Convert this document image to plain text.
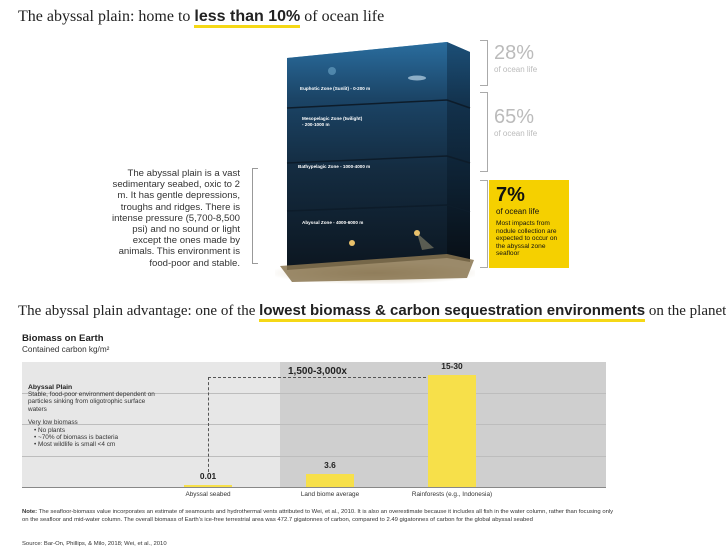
The abyssal plain: home to less than 10% of ocean life
The abyssal plain is a vast sedimentary seabed, oxic to 2 m. It has gentle depressions, troughs and ridges. There is intense pressure (5,700-8,500 psi) and no sound or light except the ones made by animals. This environment is food-poor and stable.
Euphotic Zone (Sunlit) - 0-200 m
Mesopelagic Zone (twilight)
- 200-1000 m
Bathypelagic Zone - 1000-4000 m
Abyssal Zone - 4000-6000 m
28%
of ocean life
65%
of ocean life
7%
of ocean life
Most impacts from nodule collection are expected to occur on the abyssal zone seafloor
The abyssal plain advantage: one of the lowest biomass & carbon sequestration environments on the planet
Biomass on Earth
Contained carbon kg/m²
Abyssal Plain
Stable, food-poor environment dependent on particles sinking from oligotrophic surface waters
Very low biomass
• No plants
• ~70% of biomass is bacteria
• Most wildlife is small <4 cm
1,500-3,000x
0.01
Abyssal seabed
3.6
Land biome average
15-30
Rainforests (e.g., Indonesia)
Note: The seafloor-biomass value incorporates an estimate of seamounts and hydrothermal vents attributed to Wei, et al., 2010. It is also an overestimate because it includes all fish in the water column, rather than focusing only on the seafloor and mid-water column. The overall biomass of Earth's ice-free terrestrial area was 472.7 gigatonnes of carbon, compared to 2.49 gigatonnes of carbon for the global abyssal seabed
Source: Bar-On, Phillips, & Milo, 2018; Wei, et al., 2010
